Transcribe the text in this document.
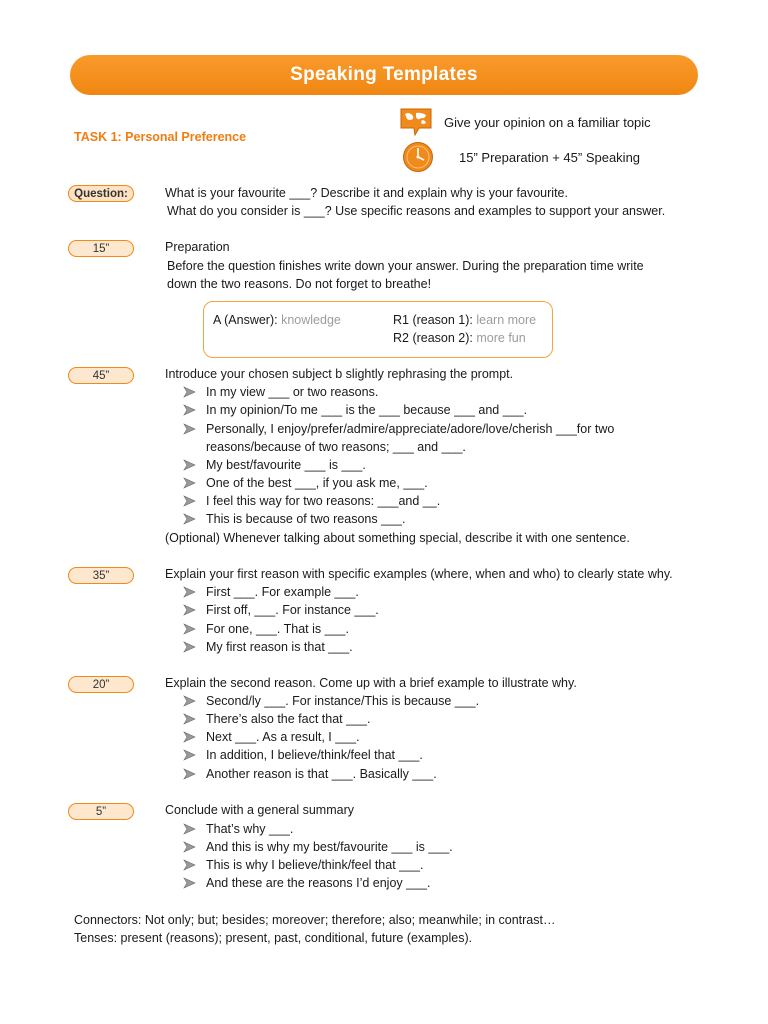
Speaking Templates
TASK 1: Personal Preference
Give your opinion on a familiar topic
15” Preparation + 45” Speaking
Question:	What is your favourite ___? Describe it and explain why is your favourite.
What do you consider is ___? Use specific reasons and examples to support your answer.
15”	Preparation
Before the question finishes write down your answer. During the preparation time write
down the two reasons. Do not forget to breathe!
A (Answer): knowledge	R1 (reason 1): learn more
R2 (reason 2): more fun
45”	Introduce your chosen subject b slightly rephrasing the prompt.
In my view ___ or two reasons.
In my opinion/To me ___ is the ___ because ___ and ___.
Personally, I enjoy/prefer/admire/appreciate/adore/love/cherish ___for two
reasons/because of two reasons; ___ and ___.
My best/favourite ___ is ___.
One of the best ___, if you ask me, ___.
I feel this way for two reasons: ___and __.
This is because of two reasons ___.
(Optional) Whenever talking about something special, describe it with one sentence.
35”	Explain your first reason with specific examples (where, when and who) to clearly state why.
First ___. For example ___.
First off, ___. For instance ___.
For one, ___. That is ___.
My first reason is that ___.
20”	Explain the second reason. Come up with a brief example to illustrate why.
Second/ly ___. For instance/This is because ___.
There’s also the fact that ___.
Next ___. As a result, I ___.
In addition, I believe/think/feel that ___.
Another reason is that ___. Basically ___.
5”	Conclude with a general summary
That’s why ___.
And this is why my best/favourite ___ is ___.
This is why I believe/think/feel that ___.
And these are the reasons I’d enjoy ___.
Connectors: Not only; but; besides; moreover; therefore; also; meanwhile; in contrast…
Tenses: present (reasons); present, past, conditional, future (examples).
